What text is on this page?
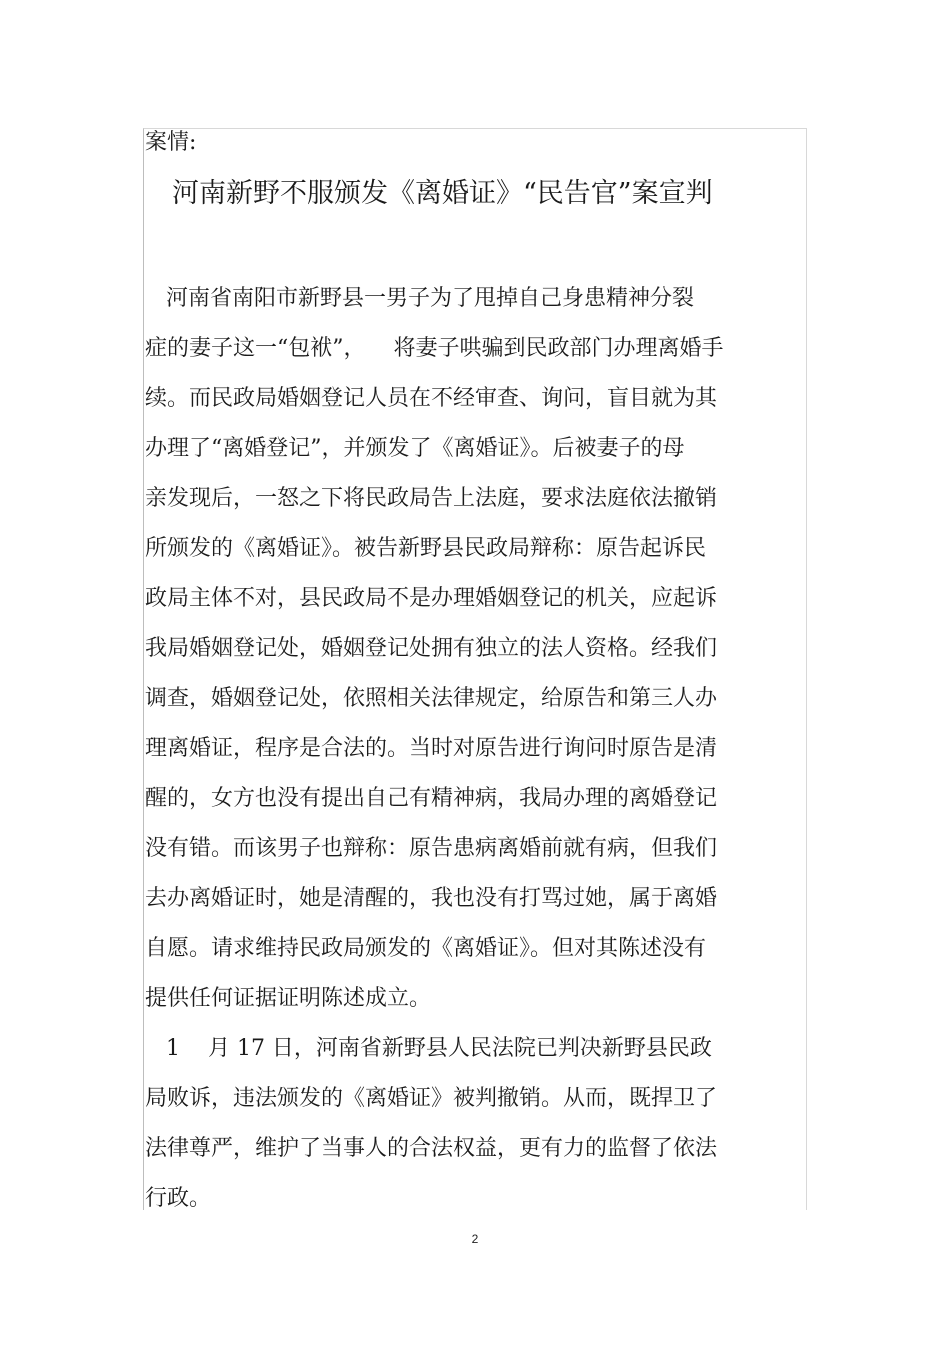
案情:

河南新野不服颁发《离婚证》“民告官”案宣判

河南省南阳市新野县一男子为了甩掉自己身患精神分裂
症的妻子这一“包袱”，    将妻子哄骗到民政部门办理离婚手
续。而民政局婚姻登记人员在不经审查、询问，盲目就为其
办理了“离婚登记”，并颁发了《离婚证》。后被妻子的母
亲发现后，一怒之下将民政局告上法庭，要求法庭依法撤销
所颁发的《离婚证》。被告新野县民政局辩称：原告起诉民
政局主体不对，县民政局不是办理婚姻登记的机关，应起诉
我局婚姻登记处，婚姻登记处拥有独立的法人资格。经我们
调查，婚姻登记处，依照相关法律规定，给原告和第三人办
理离婚证，程序是合法的。当时对原告进行询问时原告是清
醒的，女方也没有提出自己有精神病，我局办理的离婚登记
没有错。而该男子也辩称：原告患病离婚前就有病，但我们
去办离婚证时，她是清醒的，我也没有打骂过她，属于离婚
自愿。请求维持民政局颁发的《离婚证》。但对其陈述没有
提供任何证据证明陈述成立。

1    月 17 日，河南省新野县人民法院已判决新野县民政
局败诉，违法颁发的《离婚证》被判撤销。从而，既捍卫了
法律尊严，维护了当事人的合法权益，更有力的监督了依法
行政。

2
